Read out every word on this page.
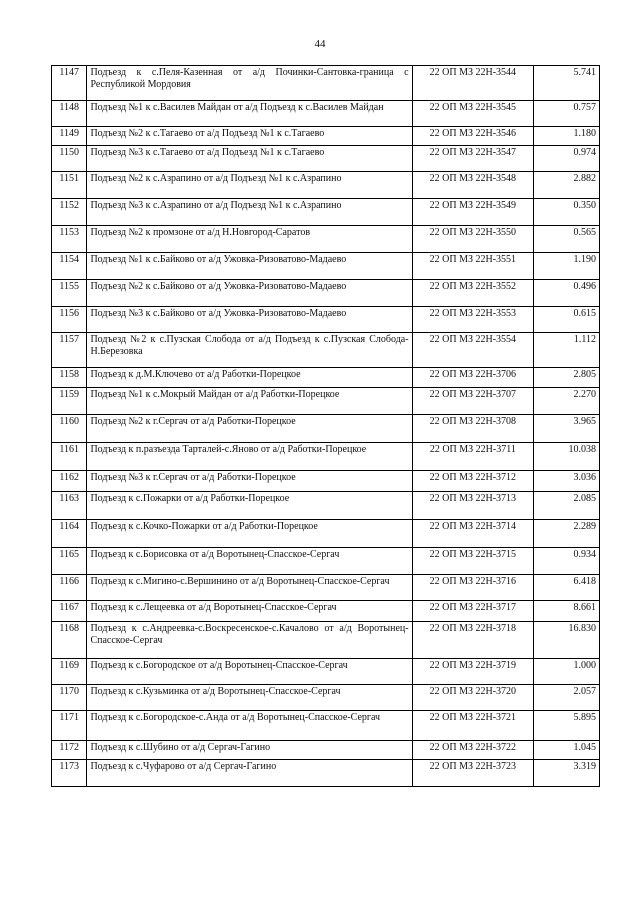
44
1147	Подъезд к с.Пеля-Казенная от а/д Починки-Сантовка-граница с Республикой Мордовия	22 ОП МЗ 22Н-3544	5.741
1148	Подъезд №1 к с.Василев Майдан от а/д Подъезд к с.Василев Майдан	22 ОП МЗ 22Н-3545	0.757
1149	Подъезд №2 к с.Тагаево от а/д Подъезд №1 к с.Тагаево	22 ОП МЗ 22Н-3546	1.180
1150	Подъезд №3 к с.Тагаево от а/д Подъезд №1 к с.Тагаево	22 ОП МЗ 22Н-3547	0.974
1151	Подъезд №2 к с.Азрапино от а/д Подъезд №1 к с.Азрапино	22 ОП МЗ 22Н-3548	2.882
1152	Подъезд №3 к с.Азрапино от а/д Подъезд №1 к с.Азрапино	22 ОП МЗ 22Н-3549	0.350
1153	Подъезд №2 к промзоне от а/д Н.Новгород-Саратов	22 ОП МЗ 22Н-3550	0.565
1154	Подъезд №1 к с.Байково от а/д Ужовка-Ризоватово-Мадаево	22 ОП МЗ 22Н-3551	1.190
1155	Подъезд №2 к с.Байково от а/д Ужовка-Ризоватово-Мадаево	22 ОП МЗ 22Н-3552	0.496
1156	Подъезд №3 к с.Байково от а/д Ужовка-Ризоватово-Мадаево	22 ОП МЗ 22Н-3553	0.615
1157	Подъезд №2 к с.Пузская Слобода от а/д Подъезд к с.Пузская Слобода-Н.Березовка	22 ОП МЗ 22Н-3554	1.112
1158	Подъезд к д.М.Ключево от а/д Работки-Порецкое	22 ОП МЗ 22Н-3706	2.805
1159	Подъезд №1 к с.Мокрый Майдан от а/д Работки-Порецкое	22 ОП МЗ 22Н-3707	2.270
1160	Подъезд №2 к г.Сергач от а/д Работки-Порецкое	22 ОП МЗ 22Н-3708	3.965
1161	Подъезд к п.разъезда Тарталей-с.Яново от а/д Работки-Порецкое	22 ОП МЗ 22Н-3711	10.038
1162	Подъезд №3 к г.Сергач от а/д Работки-Порецкое	22 ОП МЗ 22Н-3712	3.036
1163	Подъезд к с.Пожарки от а/д Работки-Порецкое	22 ОП МЗ 22Н-3713	2.085
1164	Подъезд к с.Кочко-Пожарки от а/д Работки-Порецкое	22 ОП МЗ 22Н-3714	2.289
1165	Подъезд к с.Борисовка от а/д Воротынец-Спасское-Сергач	22 ОП МЗ 22Н-3715	0.934
1166	Подъезд к с.Мигино-с.Вершинино от а/д Воротынец-Спасское-Сергач	22 ОП МЗ 22Н-3716	6.418
1167	Подъезд к с.Лещеевка от а/д Воротынец-Спасское-Сергач	22 ОП МЗ 22Н-3717	8.661
1168	Подъезд к с.Андреевка-с.Воскресенское-с.Качалово от а/д Воротынец-Спасское-Сергач	22 ОП МЗ 22Н-3718	16.830
1169	Подъезд к с.Богородское от а/д Воротынец-Спасское-Сергач	22 ОП МЗ 22Н-3719	1.000
1170	Подъезд к с.Кузьминка от а/д Воротынец-Спасское-Сергач	22 ОП МЗ 22Н-3720	2.057
1171	Подъезд к с.Богородское-с.Анда от а/д Воротынец-Спасское-Сергач	22 ОП МЗ 22Н-3721	5.895
1172	Подъезд к с.Шубино от а/д Сергач-Гагино	22 ОП МЗ 22Н-3722	1.045
1173	Подъезд к с.Чуфарово от а/д Сергач-Гагино	22 ОП МЗ 22Н-3723	3.319
